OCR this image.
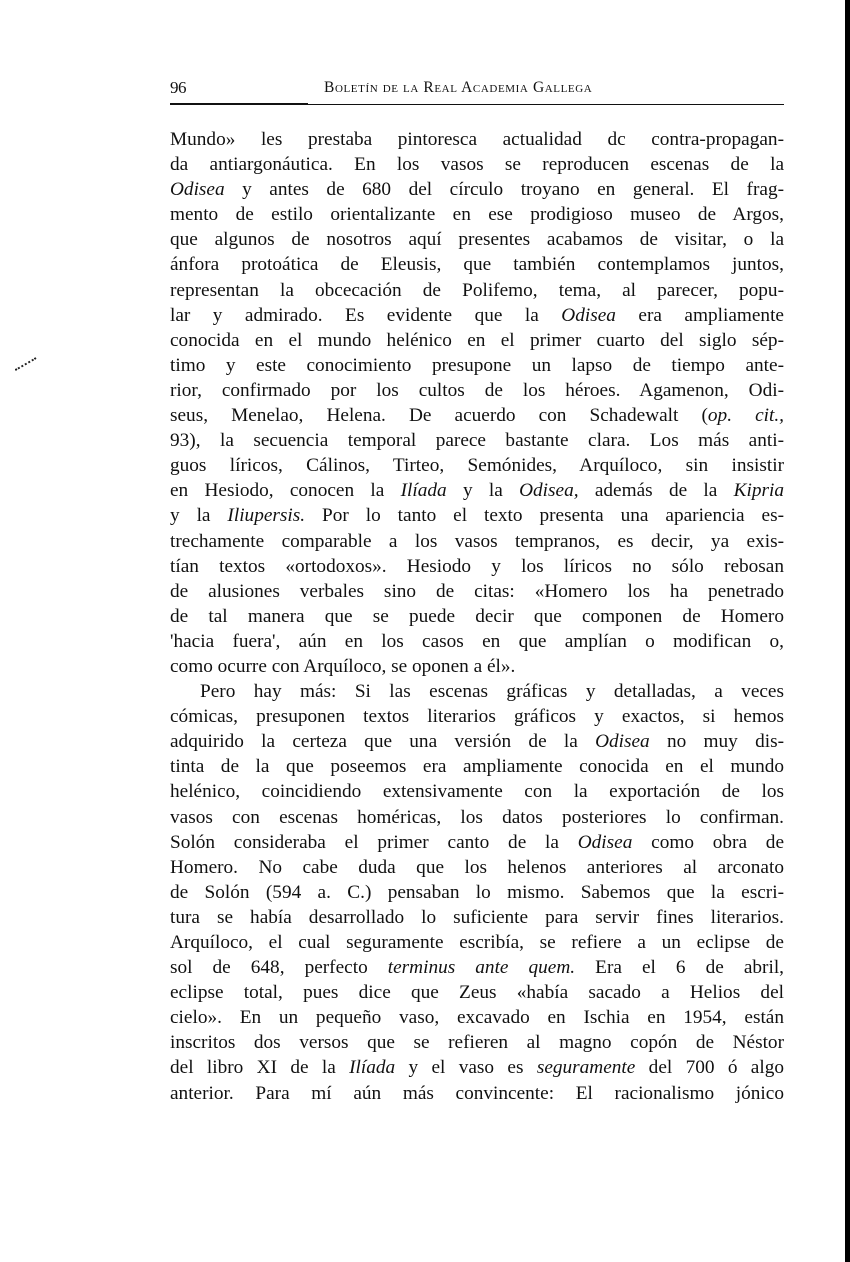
96	Boletín de la Real Academia Gallega
Mundo» les prestaba pintoresca actualidad dc contra-propagan-
da antiargonáutica. En los vasos se reproducen escenas de la
Odisea y antes de 680 del círculo troyano en general. El frag-
mento de estilo orientalizante en ese prodigioso museo de Argos,
que algunos de nosotros aquí presentes acabamos de visitar, o la
ánfora protoática de Eleusis, que también contemplamos juntos,
representan la obcecación de Polifemo, tema, al parecer, popu-
lar y admirado. Es evidente que la Odisea era ampliamente
conocida en el mundo helénico en el primer cuarto del siglo sép-
timo y este conocimiento presupone un lapso de tiempo ante-
rior, confirmado por los cultos de los héroes. Agamenon, Odi-
seus, Menelao, Helena. De acuerdo con Schadewalt (op. cit.,
93), la secuencia temporal parece bastante clara. Los más anti-
guos líricos, Cálinos, Tirteo, Semónides, Arquíloco, sin insistir
en Hesiodo, conocen la Ilíada y la Odisea, además de la Kipria
y la Iliupersis. Por lo tanto el texto presenta una apariencia es-
trechamente comparable a los vasos tempranos, es decir, ya exis-
tían textos «ortodoxos». Hesiodo y los líricos no sólo rebosan
de alusiones verbales sino de citas: «Homero los ha penetrado
de tal manera que se puede decir que componen de Homero
'hacia fuera', aún en los casos en que amplían o modifican o,
como ocurre con Arquíloco, se oponen a él».
Pero hay más: Si las escenas gráficas y detalladas, a veces
cómicas, presuponen textos literarios gráficos y exactos, si hemos
adquirido la certeza que una versión de la Odisea no muy dis-
tinta de la que poseemos era ampliamente conocida en el mundo
helénico, coincidiendo extensivamente con la exportación de los
vasos con escenas homéricas, los datos posteriores lo confirman.
Solón consideraba el primer canto de la Odisea como obra de
Homero. No cabe duda que los helenos anteriores al arconato
de Solón (594 a. C.) pensaban lo mismo. Sabemos que la escri-
tura se había desarrollado lo suficiente para servir fines literarios.
Arquíloco, el cual seguramente escribía, se refiere a un eclipse de
sol de 648, perfecto terminus ante quem. Era el 6 de abril,
eclipse total, pues dice que Zeus «había sacado a Helios del
cielo». En un pequeño vaso, excavado en Ischia en 1954, están
inscritos dos versos que se refieren al magno copón de Néstor
del libro XI de la Ilíada y el vaso es seguramente del 700 ó algo
anterior. Para mí aún más convincente: El racionalismo jónico
